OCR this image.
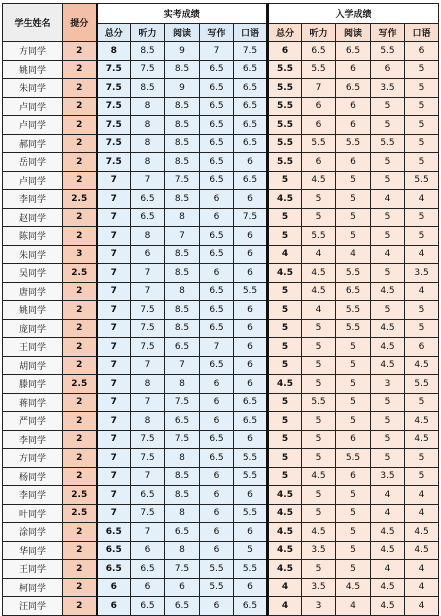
学生姓名	提分	实考成绩					入学成绩				
		总分	听力	阅读	写作	口语	总分	听力	阅读	写作	口语
方同学	2	8	8.5	9	7	7.5	6	6.5	6.5	5.5	6
姚同学	2	7.5	7.5	8.5	6.5	6.5	5.5	5.5	6	6	5
朱同学	2	7.5	8.5	9	6.5	6.5	5.5	7	6.5	3.5	5
卢同学	2	7.5	8	8.5	6.5	6.5	5.5	6	6	5	5
卢同学	2	7.5	8	8.5	6.5	6.5	5.5	6	6	5	5
郝同学	2	7.5	8	8.5	6.5	6.5	5.5	5.5	5.5	5.5	5
岳同学	2	7.5	8	8.5	6.5	6	5.5	6	6	5	5
卢同学	2	7	7	7.5	6.5	6.5	5	4.5	5	5	5.5
李同学	2.5	7	6.5	8.5	6	6	4.5	5	5	4	4
赵同学	2	7	6.5	8	6	7.5	5	5	5	5	5
陈同学	2	7	8	7	6.5	6	5	5.5	5	5	5
朱同学	3	7	6	8.5	6.5	6	4	4	4	4	4
吴同学	2.5	7	7	8.5	6	6	4.5	4.5	5.5	5	3.5
唐同学	2	7	7	8	6.5	5.5	5	4.5	6.5	4.5	4
姚同学	2	7	7.5	8.5	6.5	6	5	4	5.5	5	5
庞同学	2	7	7.5	8.5	6.5	6	5	5	5.5	4.5	5
王同学	2	7	7.5	6.5	7	6	5	5	5	4.5	6
胡同学	2	7	7	7	6.5	6	5	5	5	4.5	4.5
滕同学	2.5	7	8	8	6	6	4.5	5	5	3	5.5
蒋同学	2	7	7	7.5	6	6.5	5	5.5	5	5	5
严同学	2	7	8	6.5	6	6.5	5	5	5	5	4.5
李同学	2	7	7.5	7.5	6.5	6	5	5	6	5	4.5
方同学	2	7	7.5	8	6.5	5.5	5	5	5.5	5	5
杨同学	2	7	7	8.5	6	5.5	5	4.5	6	3.5	5
李同学	2.5	7	6.5	8.5	6	6	4.5	5	5	4	4
叶同学	2.5	7	7.5	8	6	5.5	4.5	5	5	4	4
涂同学	2	6.5	7	6.5	6	6	4.5	4.5	5	4.5	4.5
华同学	2	6.5	6	8	6	5	4.5	3.5	5	4.5	4.5
王同学	2	6.5	6.5	7.5	5.5	5.5	4.5	5	5	4	4
柯同学	2	6	6	6	5.5	6	4	3.5	4.5	4.5	4
汪同学	2	6	6.5	6.5	6	6.5	4	3	4	4.5	4
